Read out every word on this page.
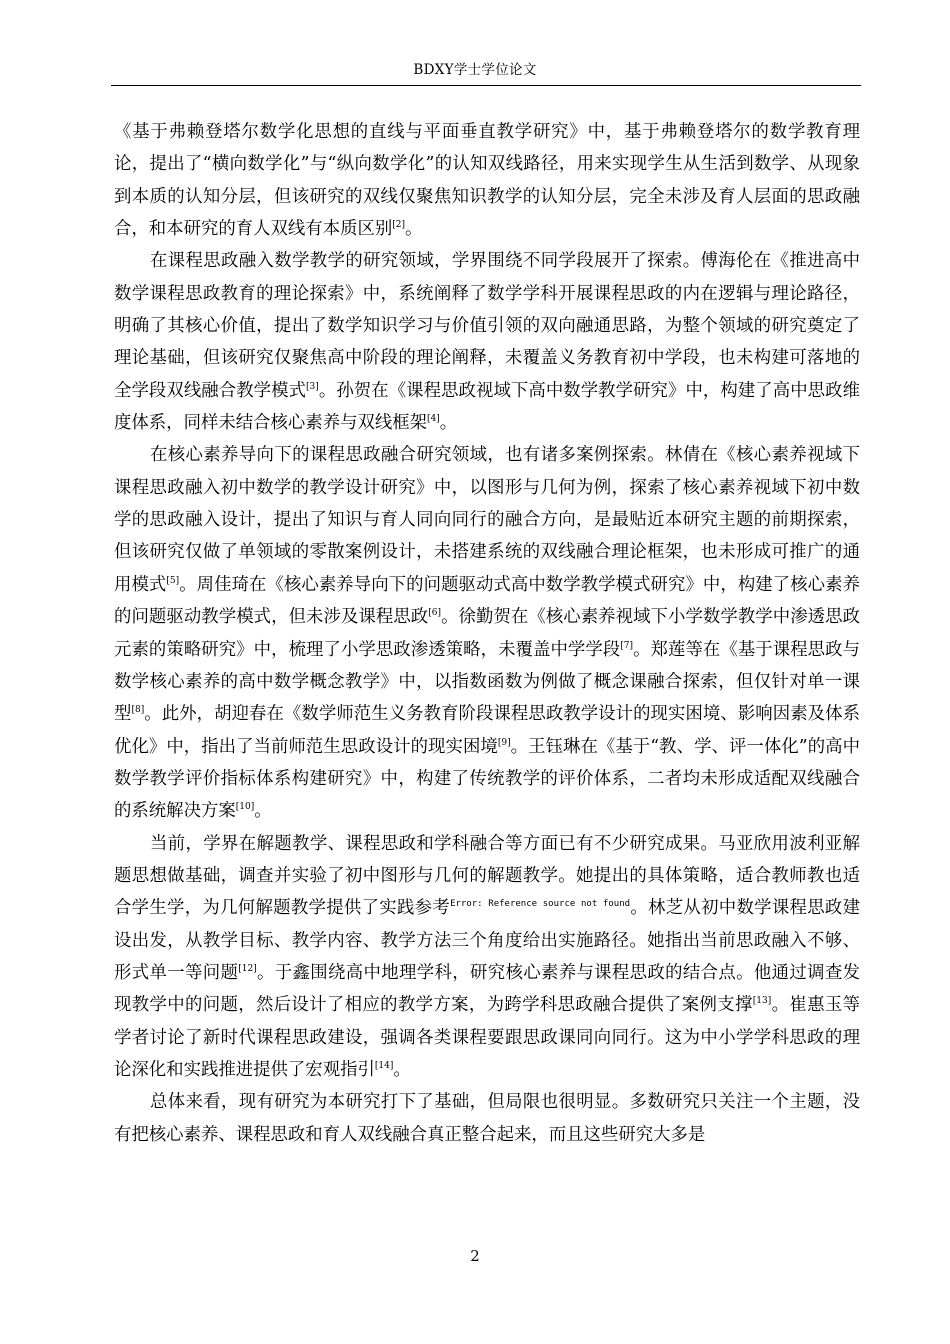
BDXY学士学位论文

《基于弗赖登塔尔数学化思想的直线与平面垂直教学研究》中，基于弗赖登塔尔的数学教育理论，提出了“横向数学化”与“纵向数学化”的认知双线路径，用来实现学生从生活到数学、从现象到本质的认知分层，但该研究的双线仅聚焦知识教学的认知分层，完全未涉及育人层面的思政融合，和本研究的育人双线有本质区别[2]。

在课程思政融入数学教学的研究领域，学界围绕不同学段展开了探索。傅海伦在《推进高中数学课程思政教育的理论探索》中，系统阐释了数学学科开展课程思政的内在逻辑与理论路径，明确了其核心价值，提出了数学知识学习与价值引领的双向融通思路，为整个领域的研究奠定了理论基础，但该研究仅聚焦高中阶段的理论阐释，未覆盖义务教育初中学段，也未构建可落地的全学段双线融合教学模式[3]。孙贺在《课程思政视域下高中数学教学研究》中，构建了高中思政维度体系，同样未结合核心素养与双线框架[4]。

在核心素养导向下的课程思政融合研究领域，也有诸多案例探索。林倩在《核心素养视域下课程思政融入初中数学的教学设计研究》中，以图形与几何为例，探索了核心素养视域下初中数学的思政融入设计，提出了知识与育人同向同行的融合方向，是最贴近本研究主题的前期探索，但该研究仅做了单领域的零散案例设计，未搭建系统的双线融合理论框架，也未形成可推广的通用模式[5]。周佳琦在《核心素养导向下的问题驱动式高中数学教学模式研究》中，构建了核心素养的问题驱动教学模式，但未涉及课程思政[6]。徐勤贺在《核心素养视域下小学数学教学中渗透思政元素的策略研究》中，梳理了小学思政渗透策略，未覆盖中学学段[7]。郑莲等在《基于课程思政与数学核心素养的高中数学概念教学》中，以指数函数为例做了概念课融合探索，但仅针对单一课型[8]。此外，胡迎春在《数学师范生义务教育阶段课程思政教学设计的现实困境、影响因素及体系优化》中，指出了当前师范生思政设计的现实困境[9]。王钰琳在《基于“教、学、评一体化”的高中数学教学评价指标体系构建研究》中，构建了传统教学的评价体系，二者均未形成适配双线融合的系统解决方案[10]。

当前，学界在解题教学、课程思政和学科融合等方面已有不少研究成果。马亚欣用波利亚解题思想做基础，调查并实验了初中图形与几何的解题教学。她提出的具体策略，适合教师教也适合学生学，为几何解题教学提供了实践参考$^{Error: Reference source not found}$。林芝从初中数学课程思政建设出发，从教学目标、教学内容、教学方法三个角度给出实施路径。她指出当前思政融入不够、形式单一等问题[12]。于鑫围绕高中地理学科，研究核心素养与课程思政的结合点。他通过调查发现教学中的问题，然后设计了相应的教学方案，为跨学科思政融合提供了案例支撑[13]。崔惠玉等学者讨论了新时代课程思政建设，强调各类课程要跟思政课同向同行。这为中小学学科思政的理论深化和实践推进提供了宏观指引[14]。

总体来看，现有研究为本研究打下了基础，但局限也很明显。多数研究只关注一个主题，没有把核心素养、课程思政和育人双线融合真正整合起来，而且这些研究大多是

2
